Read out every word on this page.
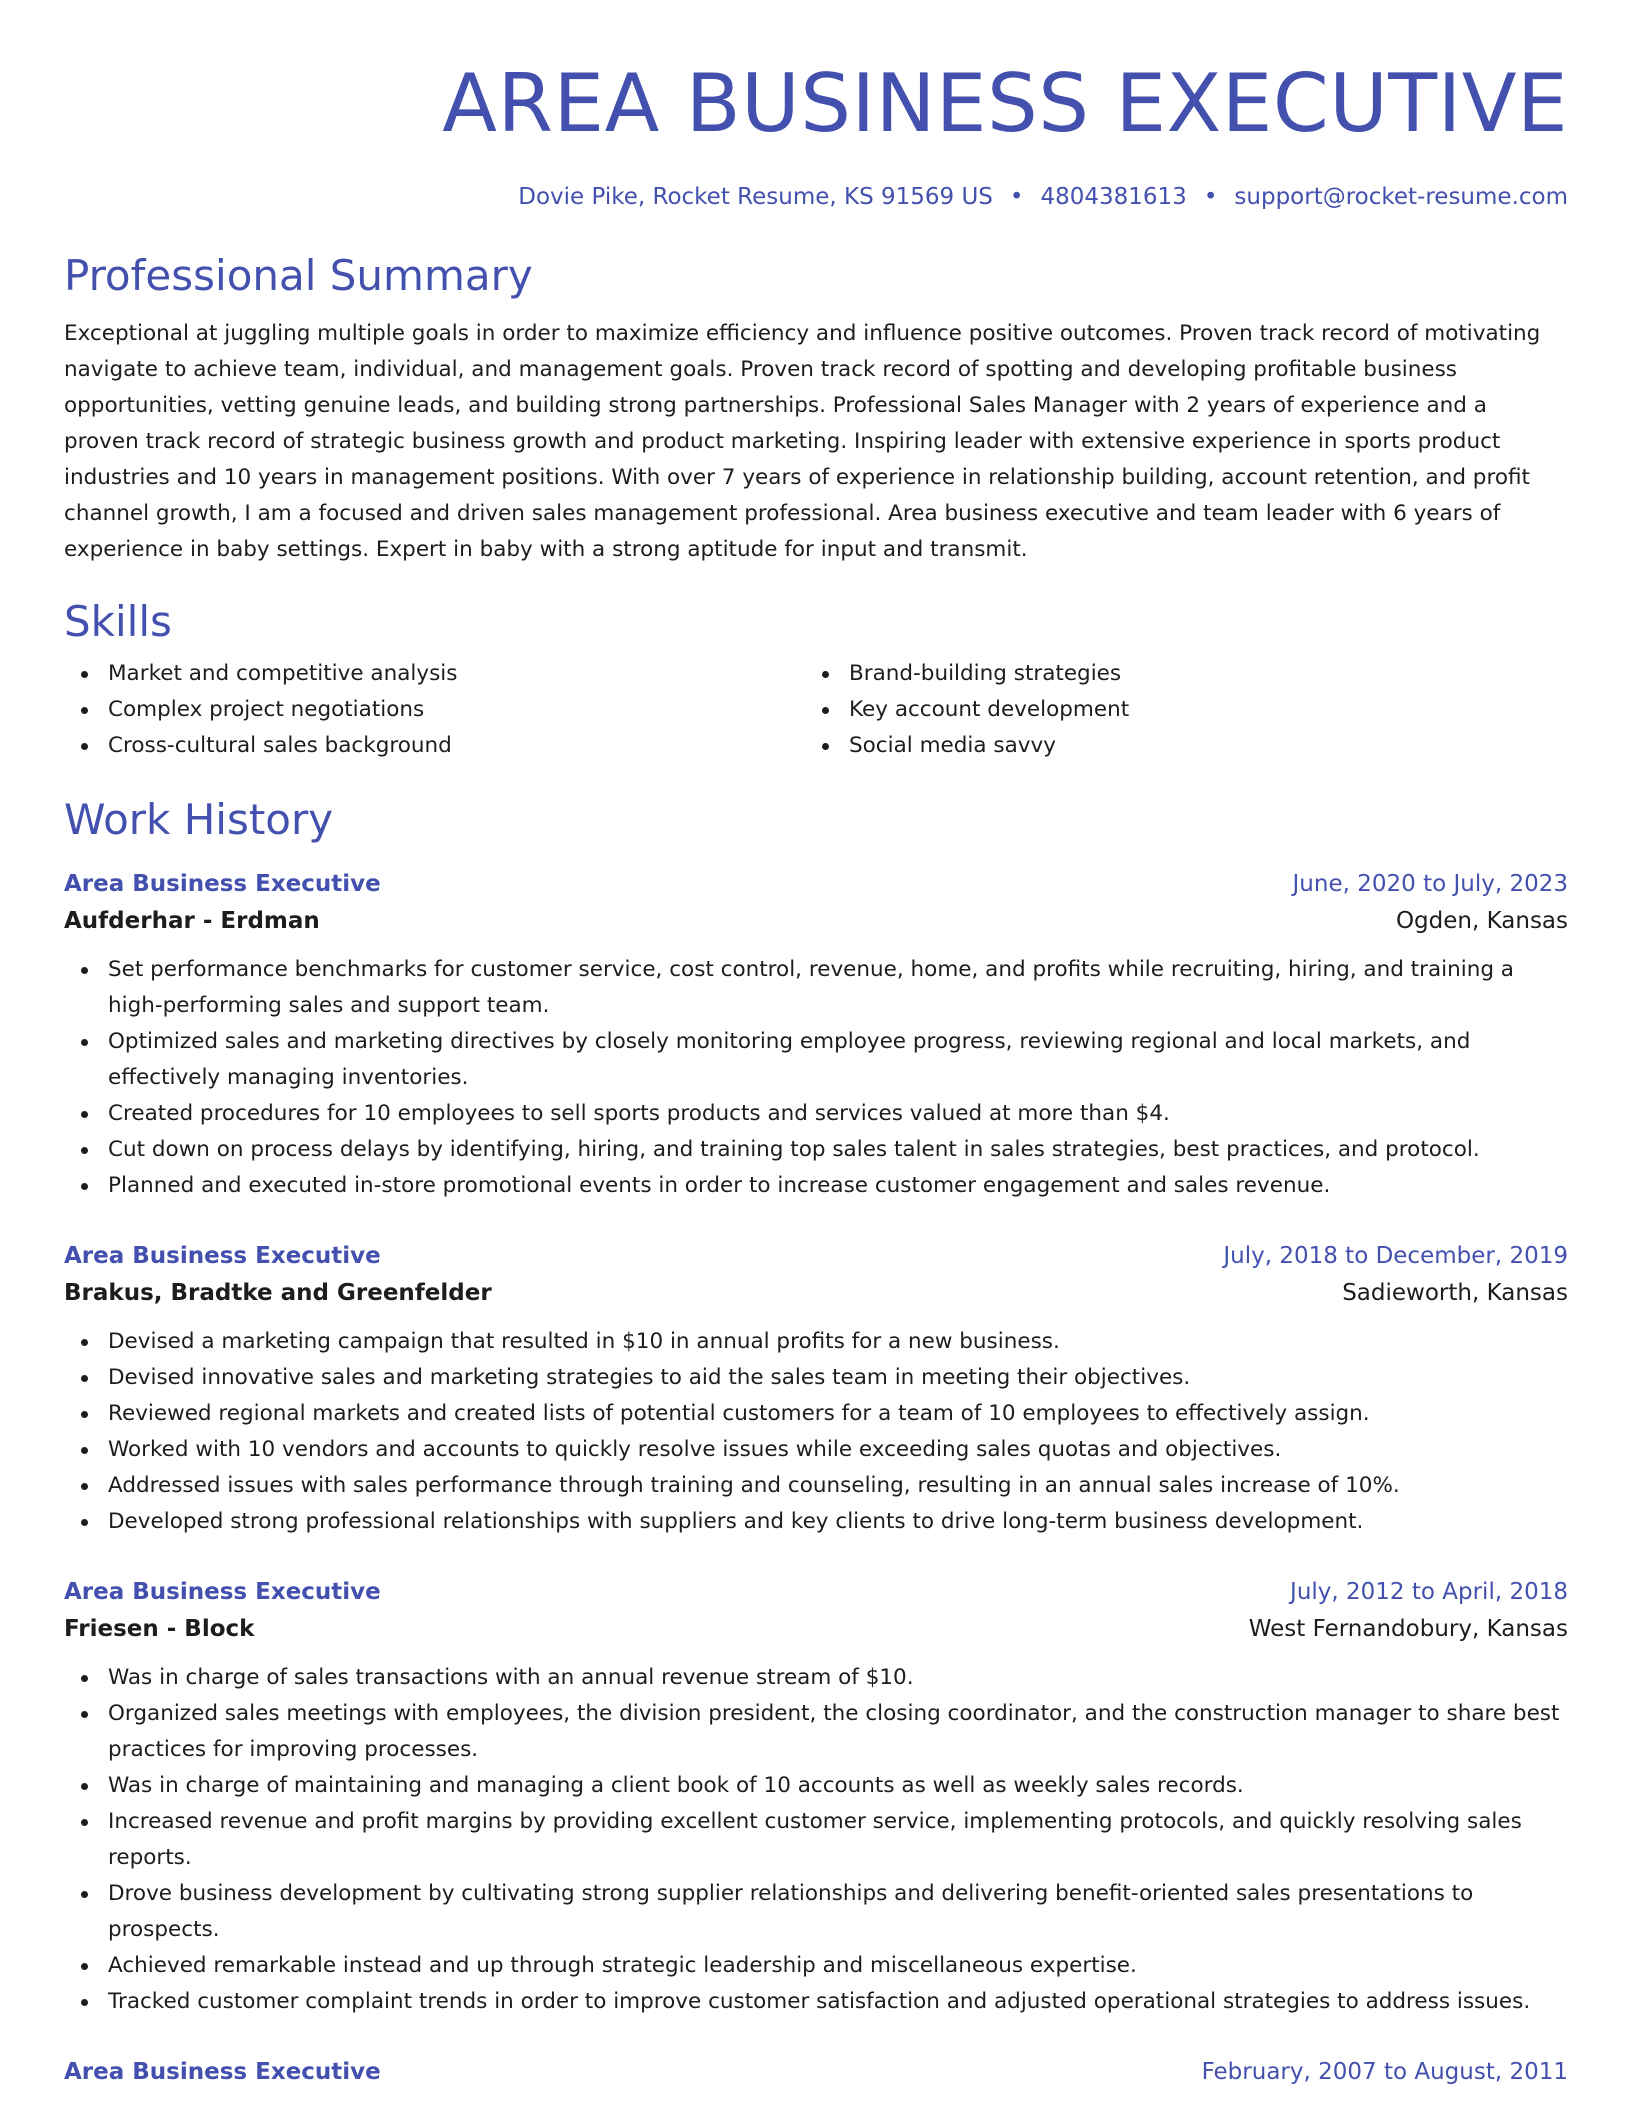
AREA BUSINESS EXECUTIVE
Dovie Pike, Rocket Resume, KS 91569 US • 4804381613 • support@rocket-resume.com
Professional Summary

Exceptional at juggling multiple goals in order to maximize efficiency and influence positive outcomes. Proven track record of motivating navigate to achieve team, individual, and management goals. Proven track record of spotting and developing profitable business opportunities, vetting genuine leads, and building strong partnerships. Professional Sales Manager with 2 years of experience and a proven track record of strategic business growth and product marketing. Inspiring leader with extensive experience in sports product industries and 10 years in management positions. With over 7 years of experience in relationship building, account retention, and profit channel growth, I am a focused and driven sales management professional. Area business executive and team leader with 6 years of experience in baby settings. Expert in baby with a strong aptitude for input and transmit.

Skills
Market and competitive analysis
Complex project negotiations
Cross-cultural sales background
Brand-building strategies
Key account development
Social media savvy
Work History
Area Business Executive	June, 2020 to July, 2023
Aufderhar - Erdman	Ogden, Kansas
Set performance benchmarks for customer service, cost control, revenue, home, and profits while recruiting, hiring, and training a high-performing sales and support team.
Optimized sales and marketing directives by closely monitoring employee progress, reviewing regional and local markets, and effectively managing inventories.
Created procedures for 10 employees to sell sports products and services valued at more than $4.
Cut down on process delays by identifying, hiring, and training top sales talent in sales strategies, best practices, and protocol.
Planned and executed in-store promotional events in order to increase customer engagement and sales revenue.
Area Business Executive	July, 2018 to December, 2019
Brakus, Bradtke and Greenfelder	Sadieworth, Kansas
Devised a marketing campaign that resulted in $10 in annual profits for a new business.
Devised innovative sales and marketing strategies to aid the sales team in meeting their objectives.
Reviewed regional markets and created lists of potential customers for a team of 10 employees to effectively assign.
Worked with 10 vendors and accounts to quickly resolve issues while exceeding sales quotas and objectives.
Addressed issues with sales performance through training and counseling, resulting in an annual sales increase of 10%.
Developed strong professional relationships with suppliers and key clients to drive long-term business development.
Area Business Executive	July, 2012 to April, 2018
Friesen - Block	West Fernandobury, Kansas
Was in charge of sales transactions with an annual revenue stream of $10.
Organized sales meetings with employees, the division president, the closing coordinator, and the construction manager to share best practices for improving processes.
Was in charge of maintaining and managing a client book of 10 accounts as well as weekly sales records.
Increased revenue and profit margins by providing excellent customer service, implementing protocols, and quickly resolving sales reports.
Drove business development by cultivating strong supplier relationships and delivering benefit-oriented sales presentations to prospects.
Achieved remarkable instead and up through strategic leadership and miscellaneous expertise.
Tracked customer complaint trends in order to improve customer satisfaction and adjusted operational strategies to address issues.
Area Business Executive	February, 2007 to August, 2011
